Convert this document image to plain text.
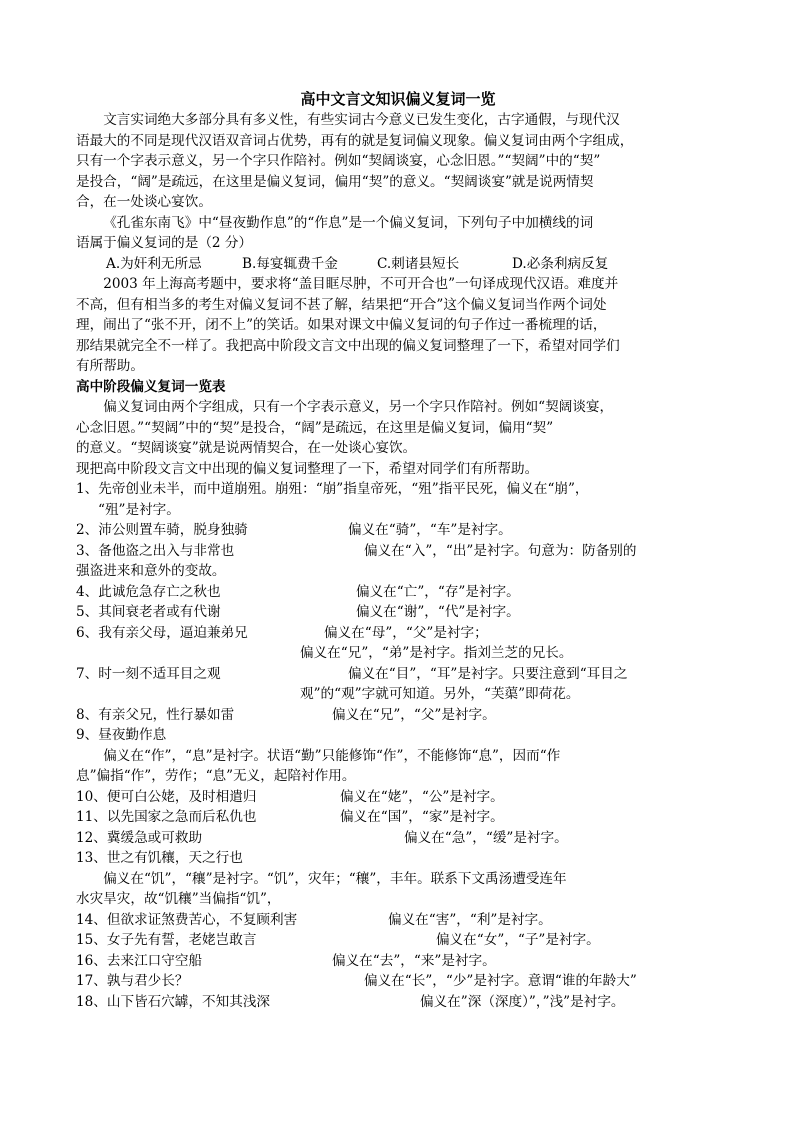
高中文言文知识偏义复词一览
文言实词绝大多部分具有多义性，有些实词古今意义已发生变化，古字通假，与现代汉
语最大的不同是现代汉语双音词占优势，再有的就是复词偏义现象。偏义复词由两个字组成，
只有一个字表示意义，另一个字只作陪衬。例如“契阔谈宴，心念旧恩。”“契阔”中的“契”
是投合，“阔”是疏远，在这里是偏义复词，偏用“契”的意义。“契阔谈宴”就是说两情契
合，在一处谈心宴饮。
《孔雀东南飞》中“昼夜勤作息”的“作息”是一个偏义复词，下列句子中加横线的词
语属于偏义复词的是（2 分）
A.为奸利无所忌	B.每宴辄费千金	C.刺诸县短长	D.必条利病反复
2003 年上海高考题中，要求将“盖目眶尽肿，不可开合也”一句译成现代汉语。难度并
不高，但有相当多的考生对偏义复词不甚了解，结果把“开合”这个偏义复词当作两个词处
理，闹出了“张不开，闭不上”的笑话。如果对课文中偏义复词的句子作过一番梳理的话，
那结果就完全不一样了。我把高中阶段文言文中出现的偏义复词整理了一下，希望对同学们
有所帮助。
高中阶段偏义复词一览表
偏义复词由两个字组成，只有一个字表示意义，另一个字只作陪衬。例如“契阔谈宴，
心念旧恩。”“契阔”中的“契”是投合，“阔”是疏远，在这里是偏义复词，偏用“契”
的意义。“契阔谈宴”就是说两情契合，在一处谈心宴饮。
现把高中阶段文言文中出现的偏义复词整理了一下，希望对同学们有所帮助。
1、先帝创业未半，而中道崩殂。崩殂：“崩”指皇帝死，“殂”指平民死，偏义在“崩”，
“殂”是衬字。
2、沛公则置车骑，脱身独骑	偏义在“骑”，“车”是衬字。
3、备他盗之出入与非常也	偏义在“入”，“出”是衬字。句意为：防备别的
强盗进来和意外的变故。
4、此诚危急存亡之秋也	偏义在“亡”，“存”是衬字。
5、其间衰老者或有代谢	偏义在“谢”，“代”是衬字。
6、我有亲父母，逼迫兼弟兄	偏义在“母”，“父”是衬字；
偏义在“兄”，“弟”是衬字。指刘兰芝的兄长。
7、时一刻不适耳目之观	偏义在“目”，“耳”是衬字。只要注意到“耳目之
观”的“观”字就可知道。另外，“芙蕖”即荷花。
8、有亲父兄，性行暴如雷	偏义在“兄”，“父”是衬字。
9、昼夜勤作息
偏义在“作”，“息”是衬字。状语“勤”只能修饰“作”，不能修饰“息”，因而“作
息”偏指“作”，劳作；“息”无义，起陪衬作用。
10、便可白公姥，及时相遣归	偏义在“姥”，“公”是衬字。
11、以先国家之急而后私仇也	偏义在“国”，“家”是衬字。
12、冀缓急或可救助	偏义在“急”，“缓”是衬字。
13、世之有饥穰，天之行也
偏义在“饥”，“穰”是衬字。“饥”，灾年；“穰”，丰年。联系下文禹汤遭受连年
水灾旱灾，故“饥穰”当偏指“饥”，
14、但欲求证煞费苦心，不复顾利害	偏义在“害”，“利”是衬字。
15、女子先有誓，老姥岂敢言	偏义在“女”，“子”是衬字。
16、去来江口守空船	偏义在“去”，“来”是衬字。
17、孰与君少长？	偏义在“长”，“少”是衬字。意谓“谁的年龄大”
18、山下皆石穴罅，不知其浅深	偏义在”深（深度）”，”浅”是衬字。
